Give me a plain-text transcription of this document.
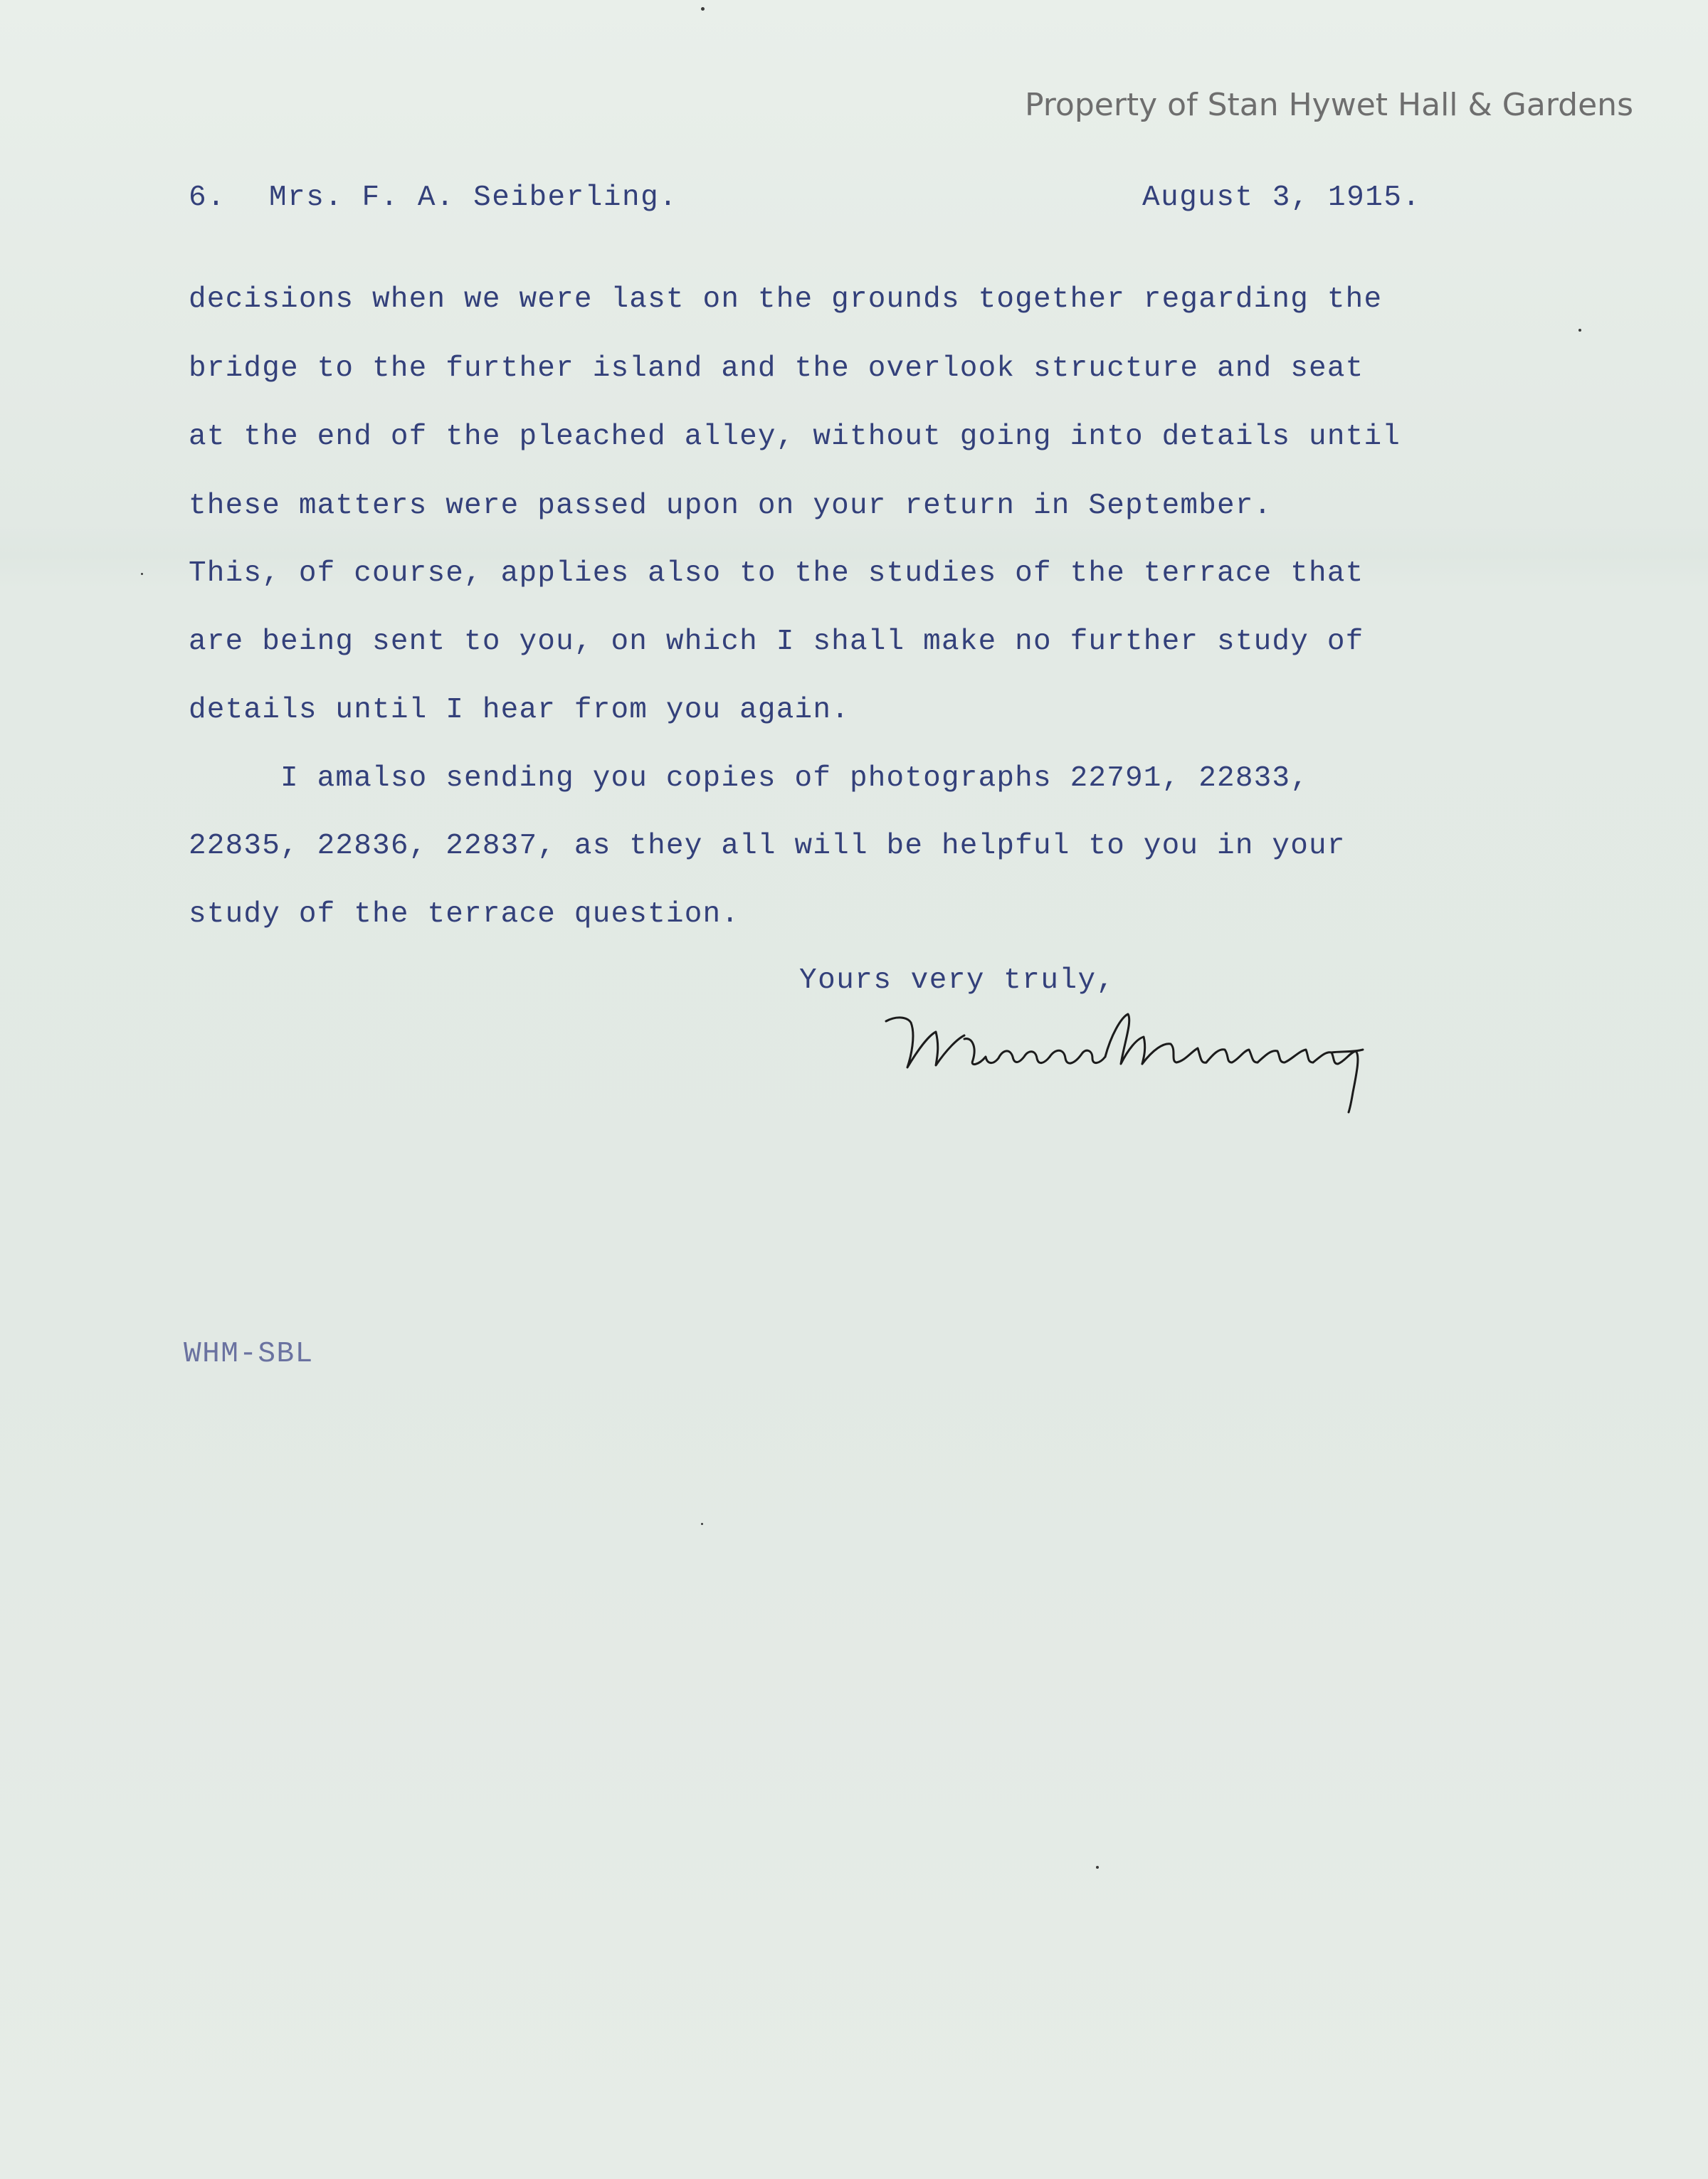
Property of Stan Hywet Hall & Gardens
6. Mrs. F. A. Seiberling.	August 3, 1915.
decisions when we were last on the grounds together regarding the
bridge to the further island and the overlook structure and seat
at the end of the pleached alley, without going into details until
these matters were passed upon on your return in September.
This, of course, applies also to the studies of the terrace that
are being sent to you, on which I shall make no further study of
details until I hear from you again.
I amalso sending you copies of photographs 22791, 22833,
22835, 22836, 22837, as they all will be helpful to you in your
study of the terrace question.
Yours very truly,
WHM-SBL
